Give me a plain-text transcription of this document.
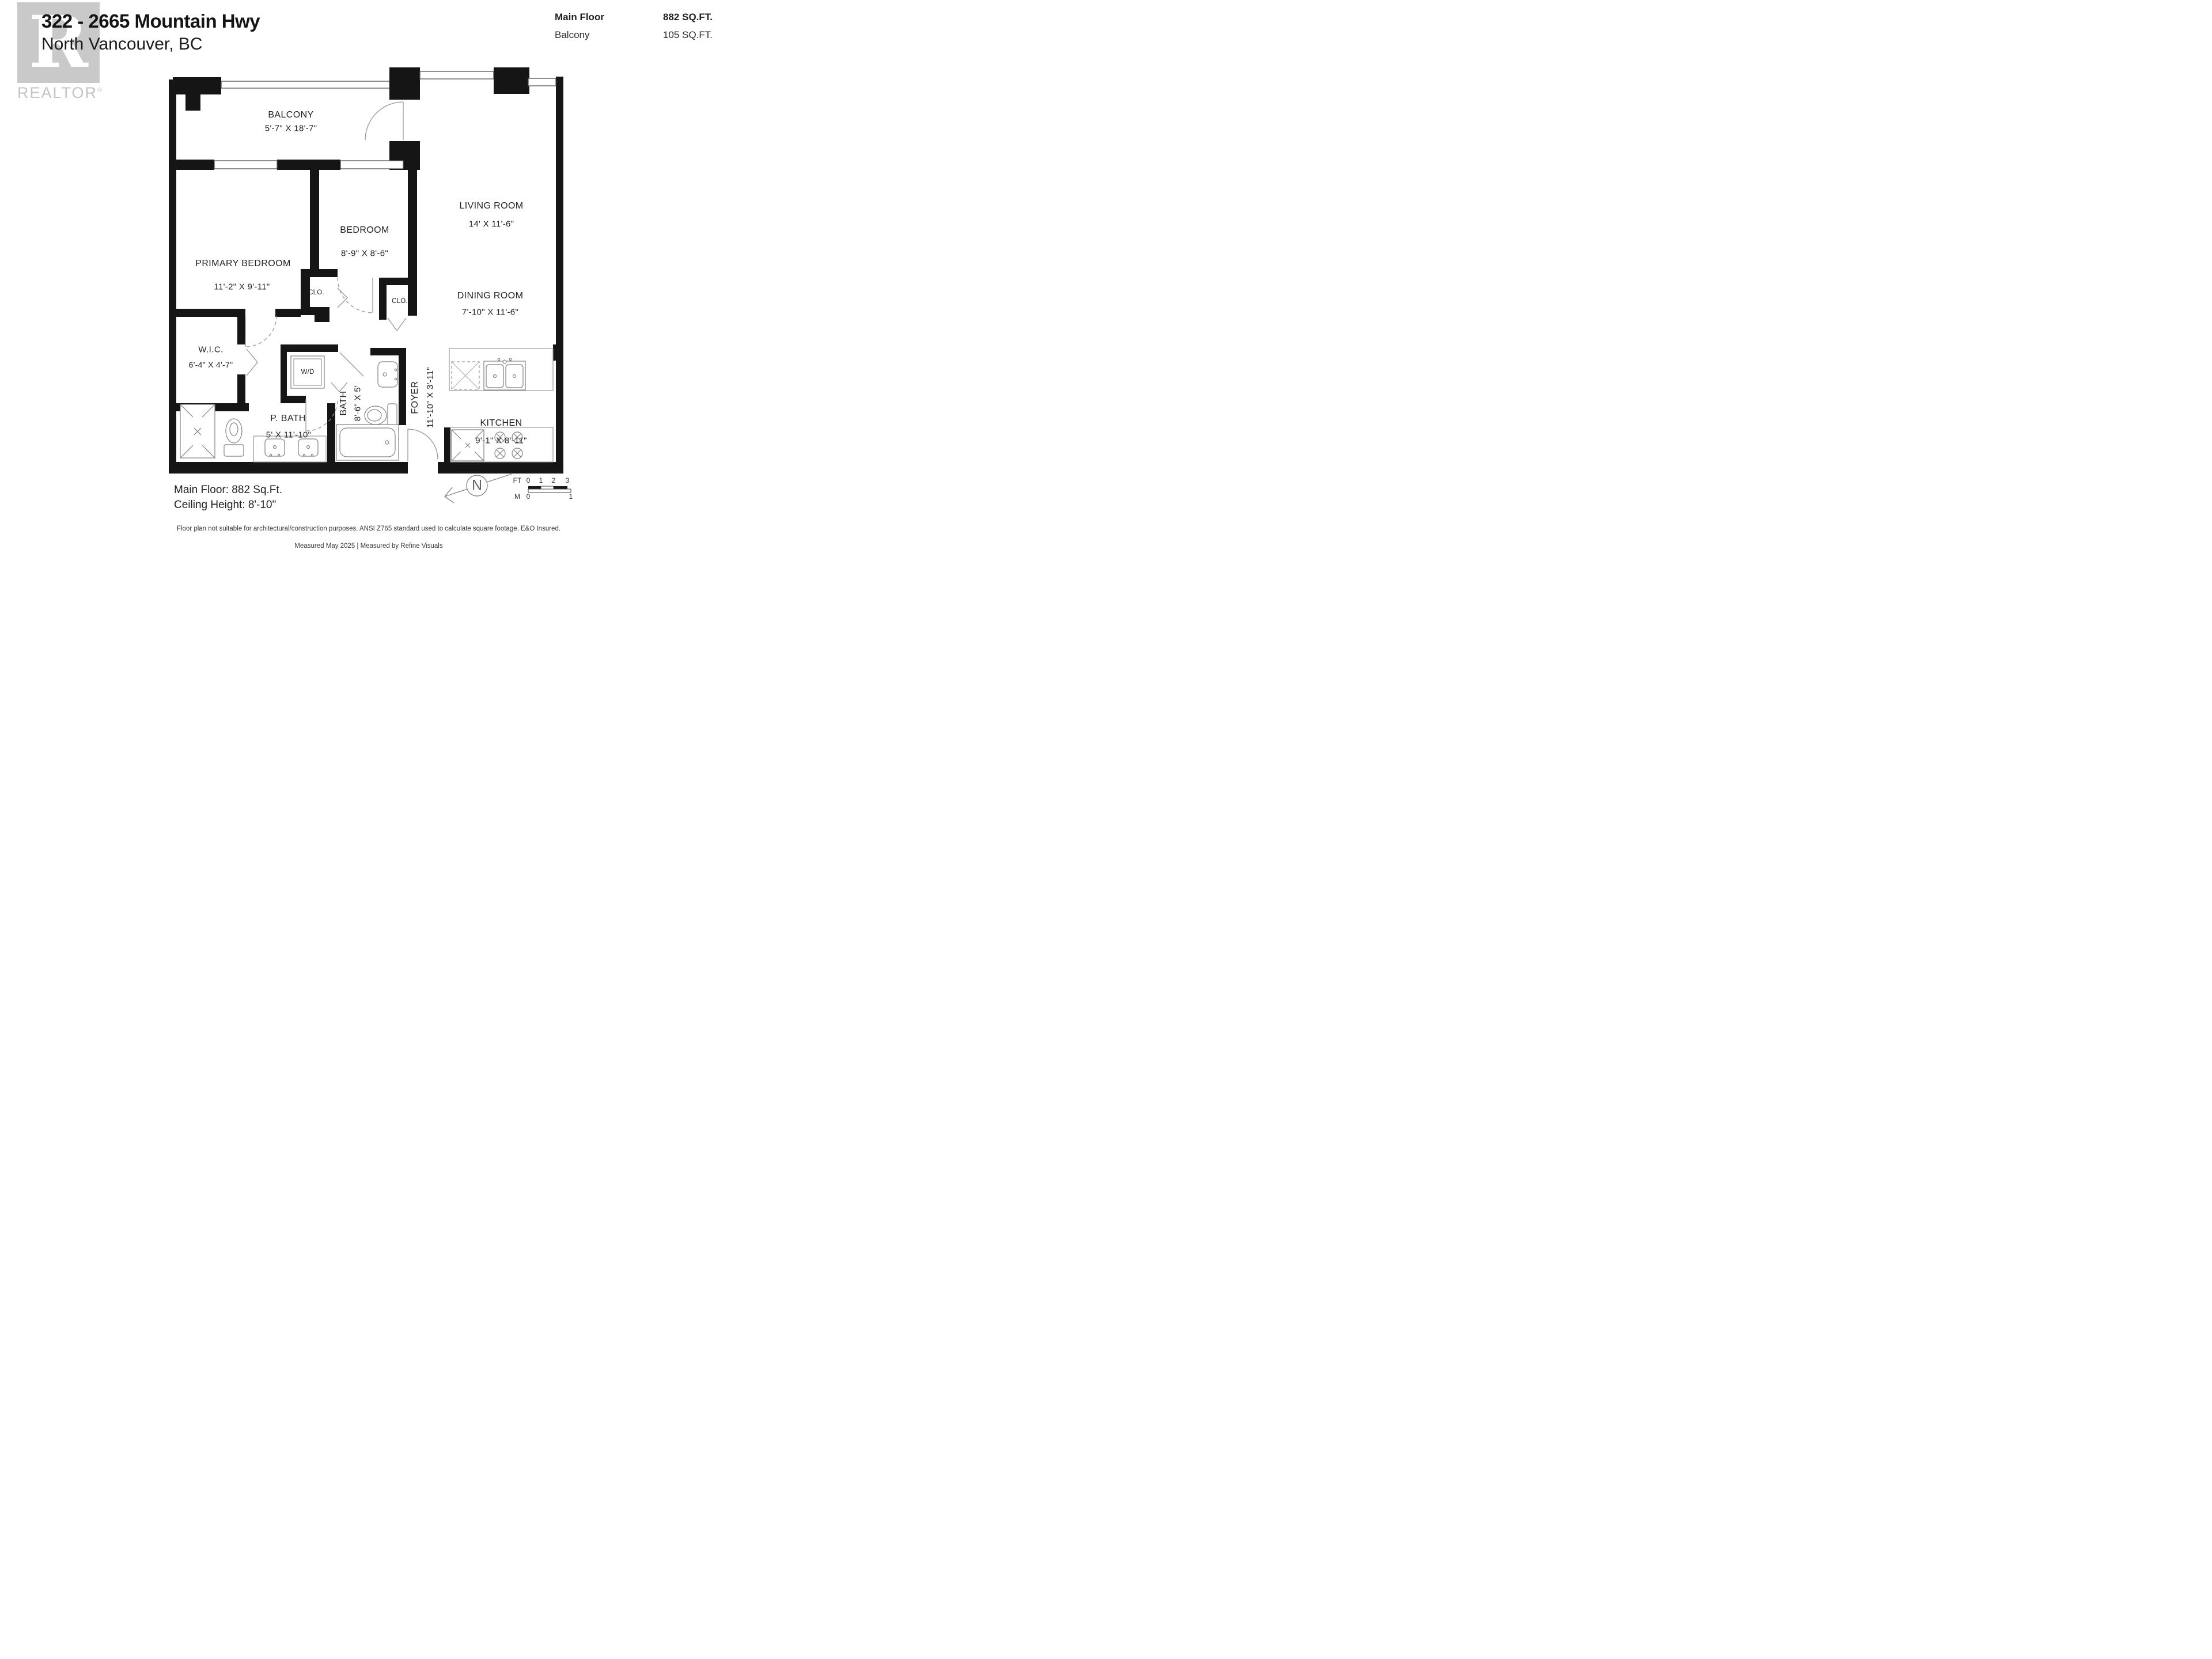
R
REALTOR®
322 - 2665 Mountain Hwy
North Vancouver, BC
Main Floor	882 SQ.FT.
Balcony	105 SQ.FT.
BALCONY
5'-7" X 18'-7"
LIVING ROOM
14' X 11'-6"
PRIMARY BEDROOM
11'-2" X 9'-11"
BEDROOM
8'-9" X 8'-6"
DINING ROOM
7'-10" X 11'-6"
W.I.C.
6'-4" X 4'-7"
P. BATH
5' X 11'-10"
BATH 8'-6" X 5'	FOYER 11'-10" X 3'-11"	KITCHEN
9'-1" X 8'-11"
CLO.
CLO.
W/D
Main Floor: 882 Sq.Ft.
Ceiling Height: 8'-10"
N	FT 0 1 2 3
M 0	1
Floor plan not suitable for architectural/construction purposes. ANSI Z765 standard used to calculate square footage. E&O Insured.
Measured May 2025 | Measured by Refine Visuals
